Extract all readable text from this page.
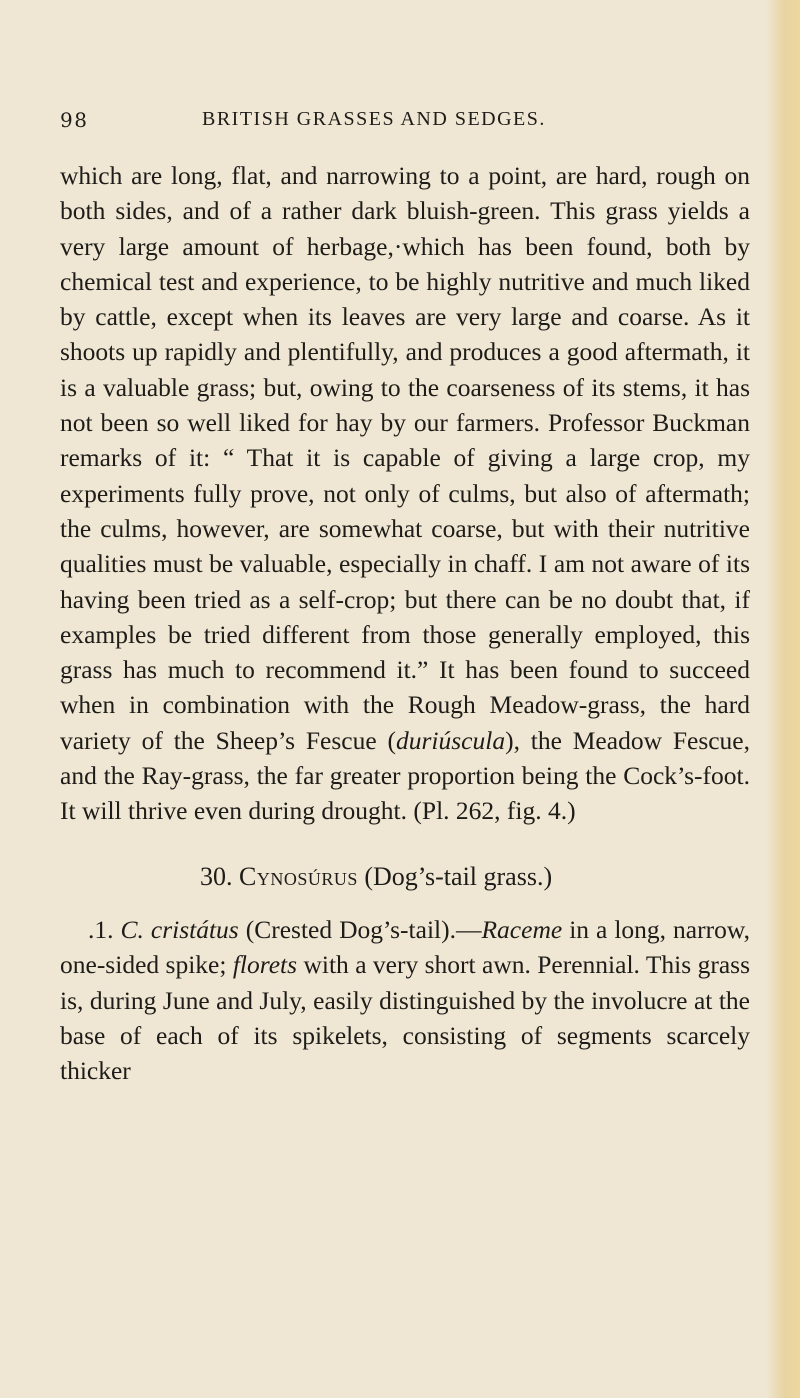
98	BRITISH GRASSES AND SEDGES.

which are long, flat, and narrowing to a point, are hard, rough on both sides, and of a rather dark bluish-green. This grass yields a very large amount of herbage,·which has been found, both by chemical test and experience, to be highly nutritive and much liked by cattle, except when its leaves are very large and coarse. As it shoots up rapidly and plentifully, and produces a good aftermath, it is a valuable grass; but, owing to the coarseness of its stems, it has not been so well liked for hay by our farmers. Professor Buckman remarks of it: “ That it is capable of giving a large crop, my experiments fully prove, not only of culms, but also of aftermath; the culms, however, are somewhat coarse, but with their nutritive qualities must be valuable, especially in chaff. I am not aware of its having been tried as a self-crop; but there can be no doubt that, if examples be tried different from those generally employed, this grass has much to recommend it.” It has been found to succeed when in combination with the Rough Meadow-grass, the hard variety of the Sheep’s Fescue (duriúscula), the Meadow Fescue, and the Ray-grass, the far greater proportion being the Cock’s-foot. It will thrive even during drought. (Pl. 262, fig. 4.)

30. Cynosúrus (Dog’s-tail grass.)

.1. C. cristátus (Crested Dog’s-tail).—Raceme in a long, narrow, one-sided spike; florets with a very short awn. Perennial. This grass is, during June and July, easily distinguished by the involucre at the base of each of its spikelets, consisting of segments scarcely thicker
